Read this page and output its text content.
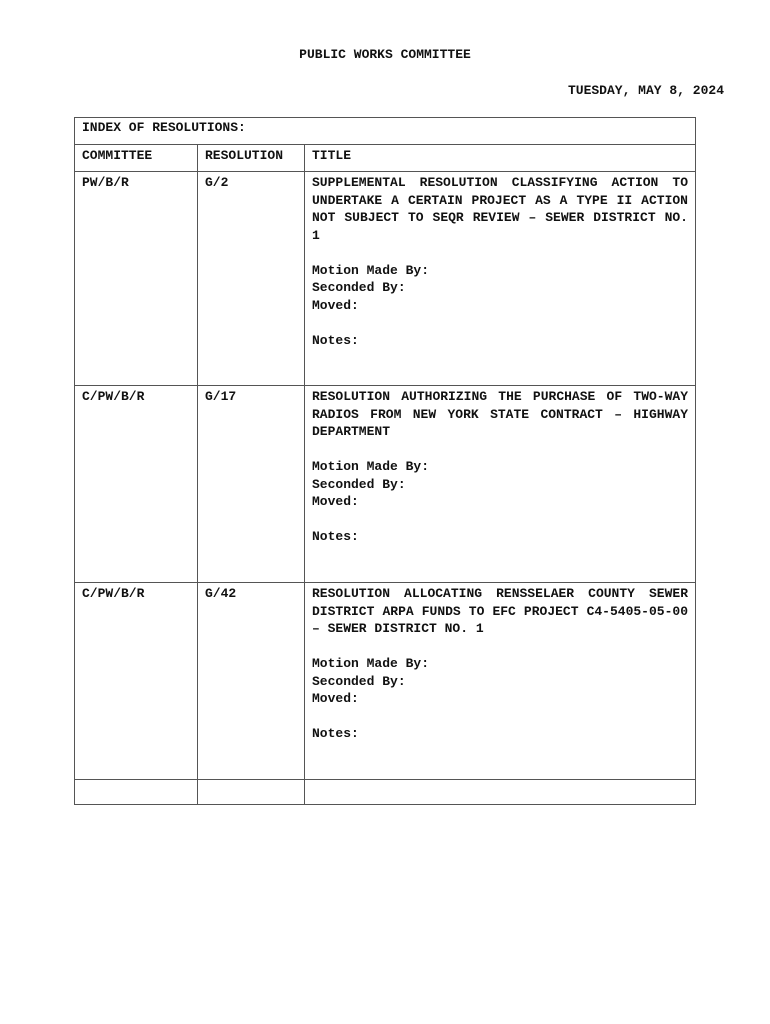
PUBLIC WORKS COMMITTEE
TUESDAY, MAY 8, 2024
INDEX OF RESOLUTIONS:		
COMMITTEE	RESOLUTION	TITLE
PW/B/R	G/2	SUPPLEMENTAL RESOLUTION CLASSIFYING ACTION TO UNDERTAKE A CERTAIN PROJECT AS A TYPE II ACTION NOT SUBJECT TO SEQR REVIEW – SEWER DISTRICT NO. 1
Motion Made By:
Seconded By:
Moved:
Notes:

C/PW/B/R	G/17	RESOLUTION AUTHORIZING THE PURCHASE OF TWO-WAY RADIOS FROM NEW YORK STATE CONTRACT – HIGHWAY DEPARTMENT
Motion Made By:
Seconded By:
Moved:
Notes:

C/PW/B/R	G/42	RESOLUTION ALLOCATING RENSSELAER COUNTY SEWER DISTRICT ARPA FUNDS TO EFC PROJECT C4-5405-05-00 – SEWER DISTRICT NO. 1
Motion Made By:
Seconded By:
Moved:
Notes:
